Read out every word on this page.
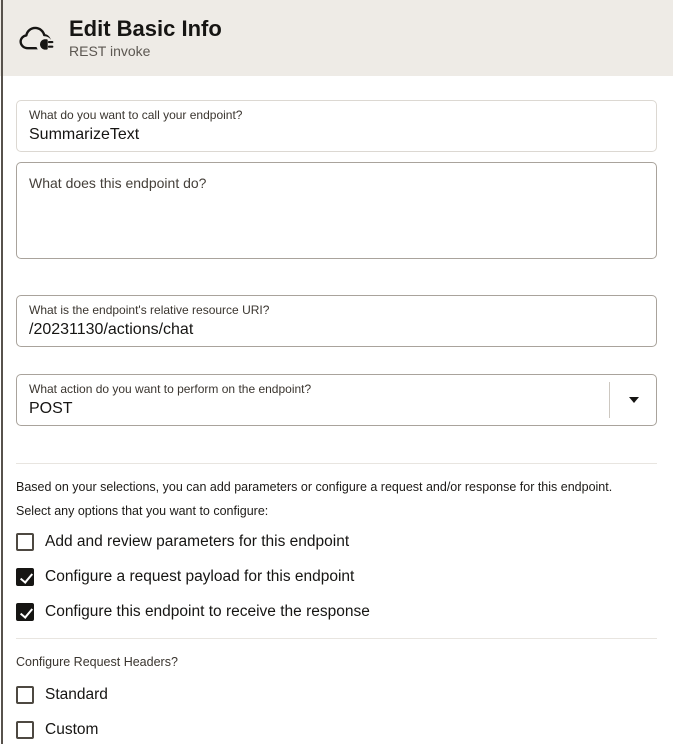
Edit Basic Info
REST invoke
What do you want to call your endpoint?
SummarizeText
What does this endpoint do?
What is the endpoint's relative resource URI?
/20231130/actions/chat
What action do you want to perform on the endpoint?
POST
Based on your selections, you can add parameters or configure a request and/or response for this endpoint.
Select any options that you want to configure:
Add and review parameters for this endpoint
Configure a request payload for this endpoint
Configure this endpoint to receive the response
Configure Request Headers?
Standard
Custom
